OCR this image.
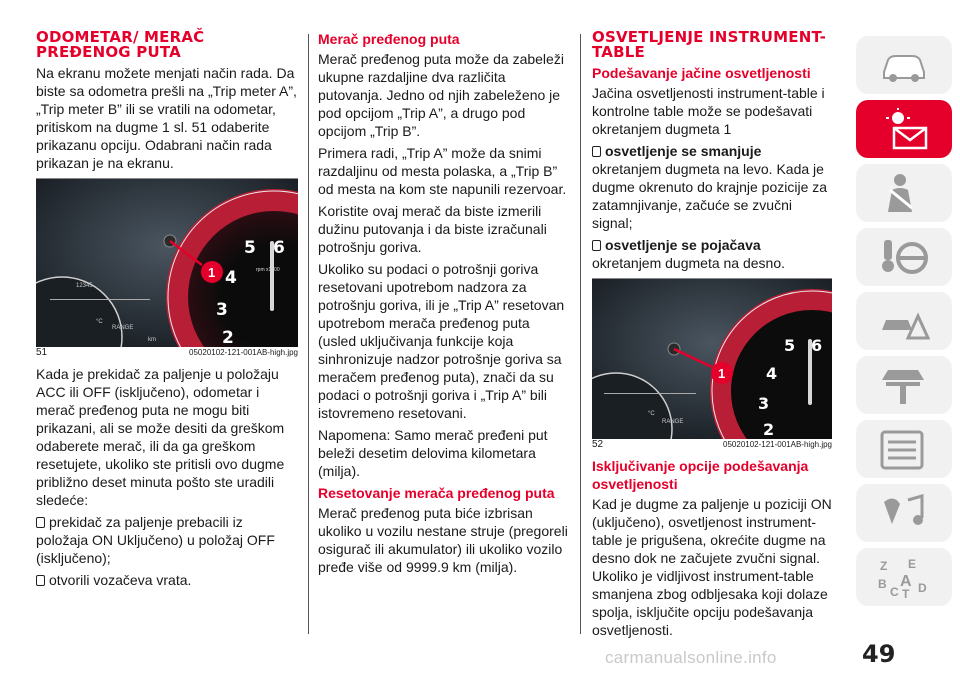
ODOMETAR/ MERAČ PREĐENOG PUTA

Na ekranu možete menjati način rada. Da biste sa odometra prešli na „Trip meter A”, „Trip meter B” ili se vratili na odometar, pritiskom na dugme 1 sl. 51 odaberite prikazanu opciju. Odabrani način rada prikazan je na ekranu.

5 6
4
3
2
rpm x1000
12345
°C
RANGE
km
1
51	05020102-121-001AB-high.jpg

Kada je prekidač za paljenje u položaju ACC ili OFF (isključeno), odometar i merač pređenog puta ne mogu biti prikazani, ali se može desiti da greškom odaberete merač, ili da ga greškom resetujete, ukoliko ste pritisli ovo dugme približno deset minuta pošto ste uradili sledeće:

prekidač za paljenje prebacili iz položaja ON Uključeno) u položaj OFF (isključeno);

otvorili vozačeva vrata.

Merač pređenog puta

Merač pređenog puta može da zabeleži ukupne razdaljine dva različita putovanja. Jedno od njih zabeleženo je pod opcijom „Trip A”, a drugo pod opcijom „Trip B”.

Primera radi, „Trip A” može da snimi razdaljinu od mesta polaska, a „Trip B” od mesta na kom ste napunili rezervoar.

Koristite ovaj merač da biste izmerili dužinu putovanja i da biste izračunali potrošnju goriva.

Ukoliko su podaci o potrošnji goriva resetovani upotrebom nadzora za potrošnju goriva, ili je „Trip A” resetovan upotrebom merača pređenog puta (usled uključivanja funkcije koja sinhronizuje nadzor potrošnje goriva sa meračem pređenog puta), znači da su podaci o potrošnji goriva i „Trip A” bili istovremeno resetovani.

Napomena: Samo merač pređeni put beleži desetim delovima kilometara (milja).

Resetovanje merača pređenog puta

Merač pređenog puta biće izbrisan ukoliko u vozilu nestane struje (pregoreli osigurač ili akumulator) ili ukoliko vozilo pređe više od 9999.9 km (milja).

OSVETLJENJE INSTRUMENT-TABLE
Podešavanje jačine osvetljenosti

Jačina osvetljenosti instrument-table i kontrolne table može se podešavati okretanjem dugmeta 1

osvetljenje se smanjuje

okretanjem dugmeta na levo. Kada je dugme okrenuto do krajnje pozicije za zatamnjivanje, začuće se zvučni signal;

osvetljenje se pojačava

okretanjem dugmeta na desno.

5 6
4
3
2
°C
RANGE
1
52	05020102-121-001AB-high.jpg
Isključivanje opcije podešavanja osvetljenosti

Kad je dugme za paljenje u poziciji ON (uključeno), osvetljenost instrument-table je prigušena, okrećite dugme na desno dok ne začujete zvučni signal. Ukoliko je vidljivost instrument-table smanjena zbog odbljesaka koji dolaze spolja, isključite opciju podešavanja osvetljenosti.

Z E
B A
C T D
49
carmanualsonline.info
